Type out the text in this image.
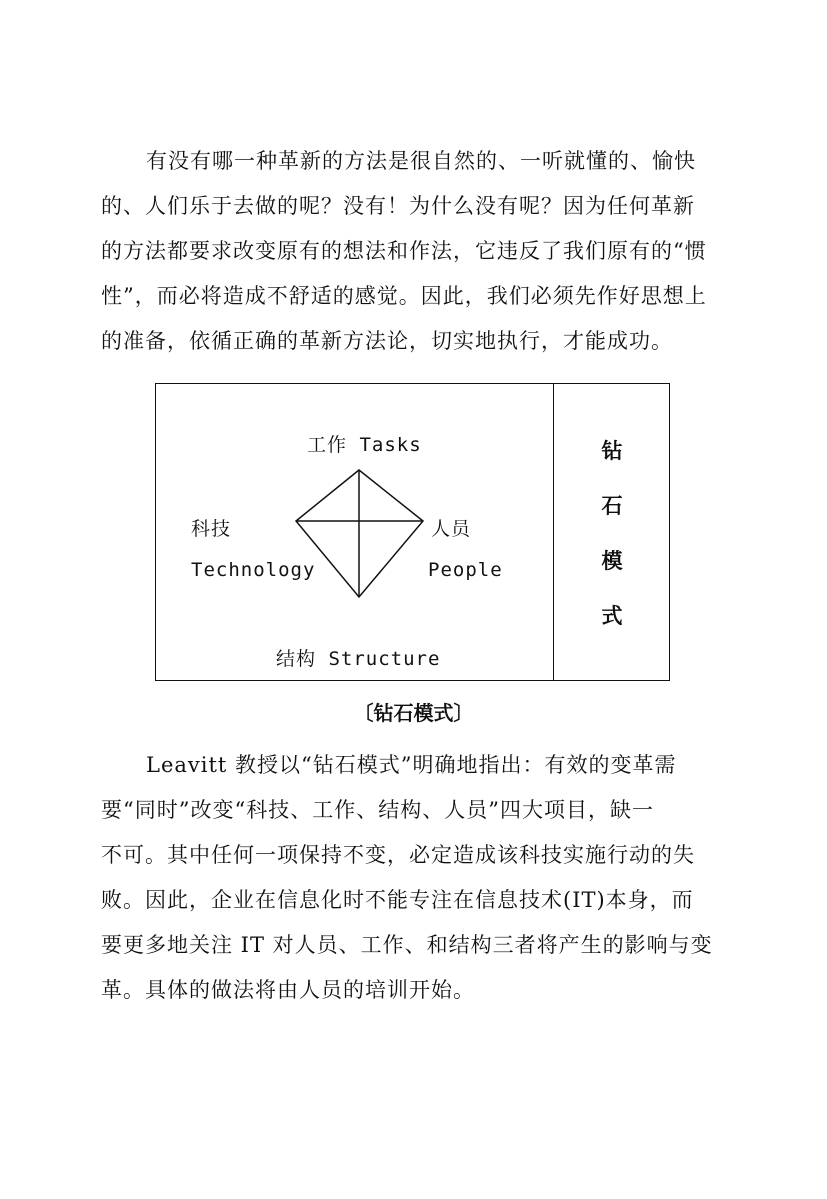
有没有哪一种革新的方法是很自然的、一听就懂的、愉快
的、人们乐于去做的呢？没有！为什么没有呢？因为任何革新
的方法都要求改变原有的想法和作法，它违反了我们原有的“惯
性”，而必将造成不舒适的感觉。因此，我们必须先作好思想上
的准备，依循正确的革新方法论，切实地执行，才能成功。
工作 Tasks
科技
Technology
人员
People
结构 Structure
钻
石
模
式
〔钻石模式〕
Leavitt 教授以“钻石模式”明确地指出：有效的变革需
要“同时”改变“科技、工作、结构、人员”四大项目，缺一
不可。其中任何一项保持不变，必定造成该科技实施行动的失
败。因此，企业在信息化时不能专注在信息技术(IT)本身，而
要更多地关注 IT 对人员、工作、和结构三者将产生的影响与变
革。具体的做法将由人员的培训开始。
